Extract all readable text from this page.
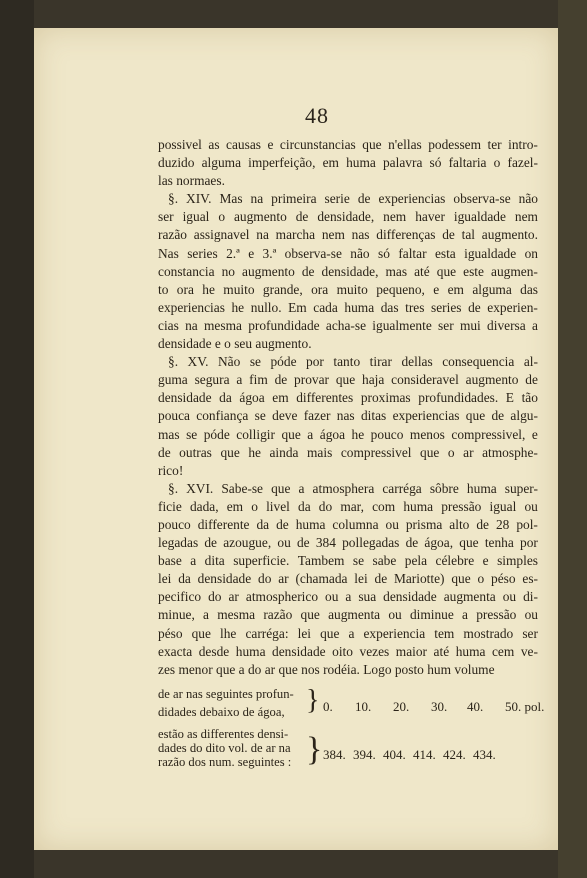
48
possivel as causas e circunstancias que n'ellas podessem ter intro-
duzido alguma imperfeição, em huma palavra só faltaria o fazel-
las normaes.
§. XIV. Mas na primeira serie de experiencias observa-se não
ser igual o augmento de densidade, nem haver igualdade nem
razão assignavel na marcha nem nas differenças de tal augmento.
Nas series 2.ª e 3.ª observa-se não só faltar esta igualdade on
constancia no augmento de densidade, mas até que este augmen-
to ora he muito grande, ora muito pequeno, e em alguma das
experiencias he nullo. Em cada huma das tres series de experien-
cias na mesma profundidade acha-se igualmente ser mui diversa a
densidade e o seu augmento.
§. XV. Não se póde por tanto tirar dellas consequencia al-
guma segura a fim de provar que haja consideravel augmento de
densidade da ágoa em differentes proximas profundidades. E tão
pouca confiança se deve fazer nas ditas experiencias que de algu-
mas se póde colligir que a ágoa he pouco menos compressivel, e
de outras que he ainda mais compressivel que o ar atmosphe-
rico!
§. XVI. Sabe-se que a atmosphera carréga sôbre huma super-
ficie dada, em o livel da do mar, com huma pressão igual ou
pouco differente da de huma columna ou prisma alto de 28 pol-
legadas de azougue, ou de 384 pollegadas de ágoa, que tenha por
base a dita superficie. Tambem se sabe pela célebre e simples
lei da densidade do ar (chamada lei de Mariotte) que o péso es-
pecifico do ar atmospherico ou a sua densidade augmenta ou di-
minue, a mesma razão que augmenta ou diminue a pressão ou
péso que lhe carréga: lei que a experiencia tem mostrado ser
exacta desde huma densidade oito vezes maior até huma cem ve-
zes menor que a do ar que nos rodéia. Logo posto hum volume
de ar nas seguintes profun-
didades debaixo de ágoa, } 0.	10.	20.	30.	40.	50. pol.
estão as differentes densi-
dades do dito vol. de ar na
razão dos num. seguintes : } 384. 394. 404. 414. 424. 434.
